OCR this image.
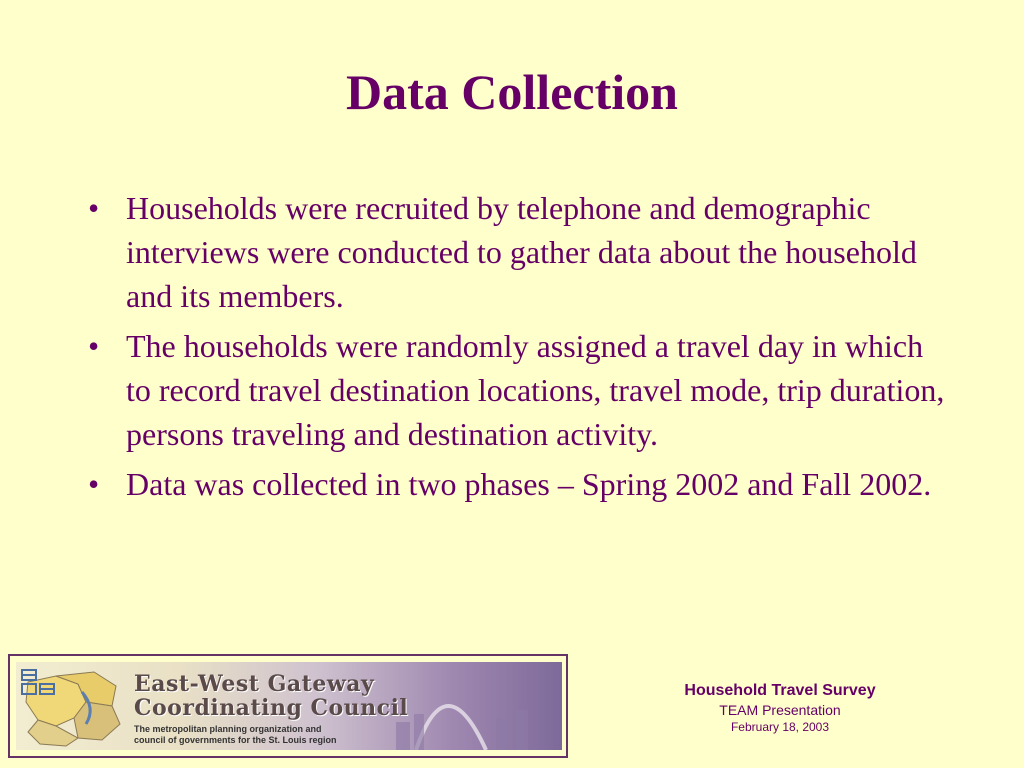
Data Collection
• Households were recruited by telephone and demographic interviews were conducted to gather data about the household and its members.
• The households were randomly assigned a travel day in which to record travel destination locations, travel mode, trip duration, persons traveling and destination activity.
• Data was collected in two phases – Spring 2002 and Fall 2002.

East-West Gateway
Coordinating Council

The metropolitan planning organization and
council of governments for the St. Louis region

Household Travel Survey

TEAM Presentation

February 18, 2003
